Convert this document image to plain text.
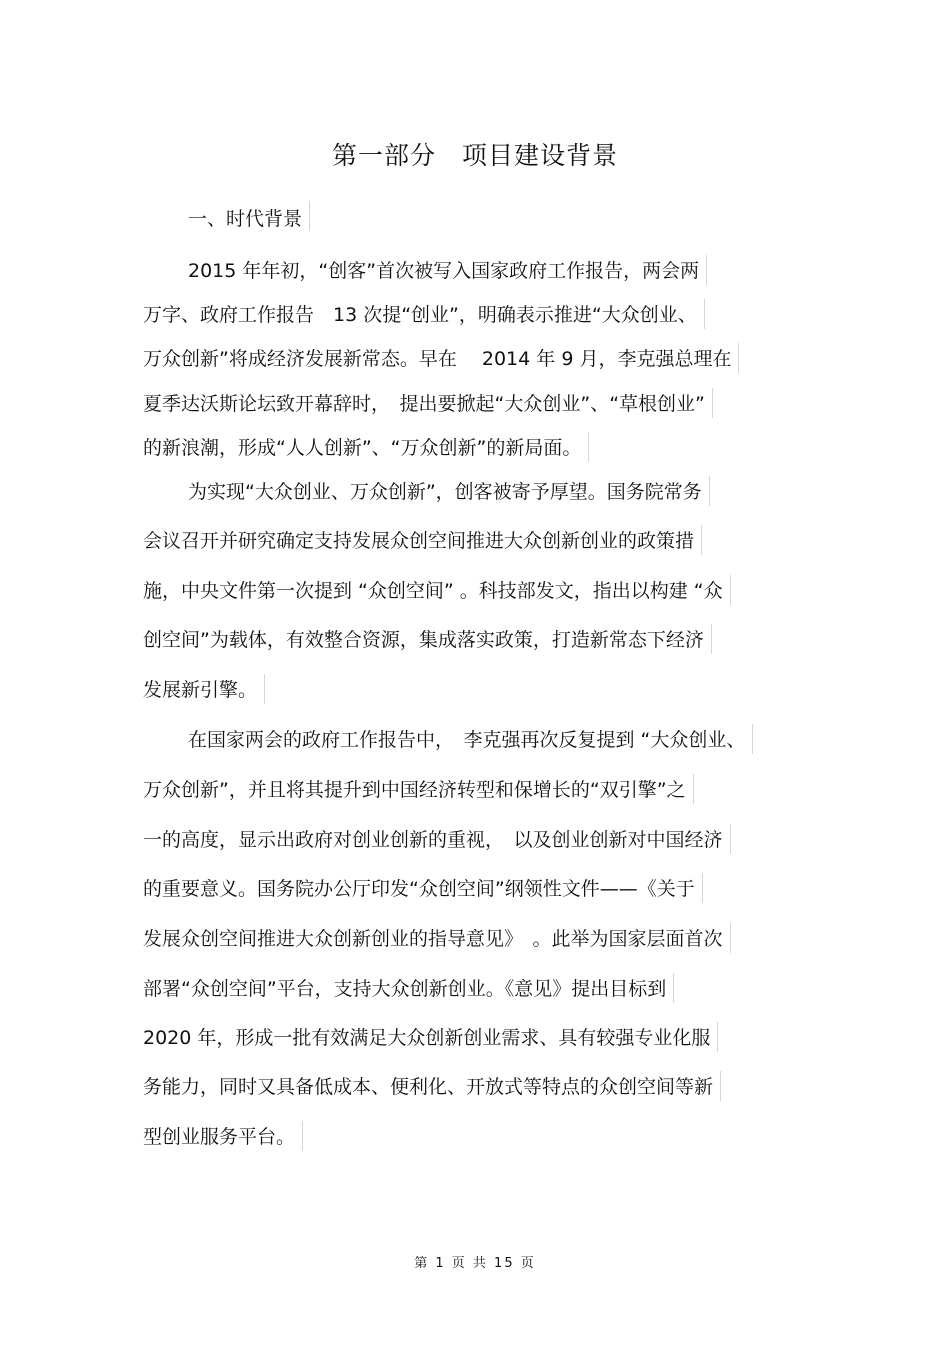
第一部分　项目建设背景
一、时代背景
2015 年年初，“创客”首次被写入国家政府工作报告，两会两
万字、政府工作报告　13 次提“创业”，明确表示推进“大众创业、
万众创新”将成经济发展新常态。早在　 2014 年 9 月，李克强总理在
夏季达沃斯论坛致开幕辞时，　提出要掀起“大众创业”、“草根创业”
的新浪潮，形成“人人创新”、“万众创新”的新局面。
为实现“大众创业、万众创新”，创客被寄予厚望。国务院常务
会议召开并研究确定支持发展众创空间推进大众创新创业的政策措
施，中央文件第一次提到 “众创空间” 。科技部发文，指出以构建 “众
创空间”为载体，有效整合资源，集成落实政策，打造新常态下经济
发展新引擎。
在国家两会的政府工作报告中，　李克强再次反复提到 “大众创业、
万众创新”，并且将其提升到中国经济转型和保增长的“双引擎”之
一的高度，显示出政府对创业创新的重视，　以及创业创新对中国经济
的重要意义。国务院办公厅印发“众创空间”纲领性文件——《关于
发展众创空间推进大众创新创业的指导意见》　。此举为国家层面首次
部署“众创空间”平台，支持大众创新创业。《意见》提出目标到
2020 年，形成一批有效满足大众创新创业需求、具有较强专业化服
务能力，同时又具备低成本、便利化、开放式等特点的众创空间等新
型创业服务平台。
第 1 页 共 15 页
